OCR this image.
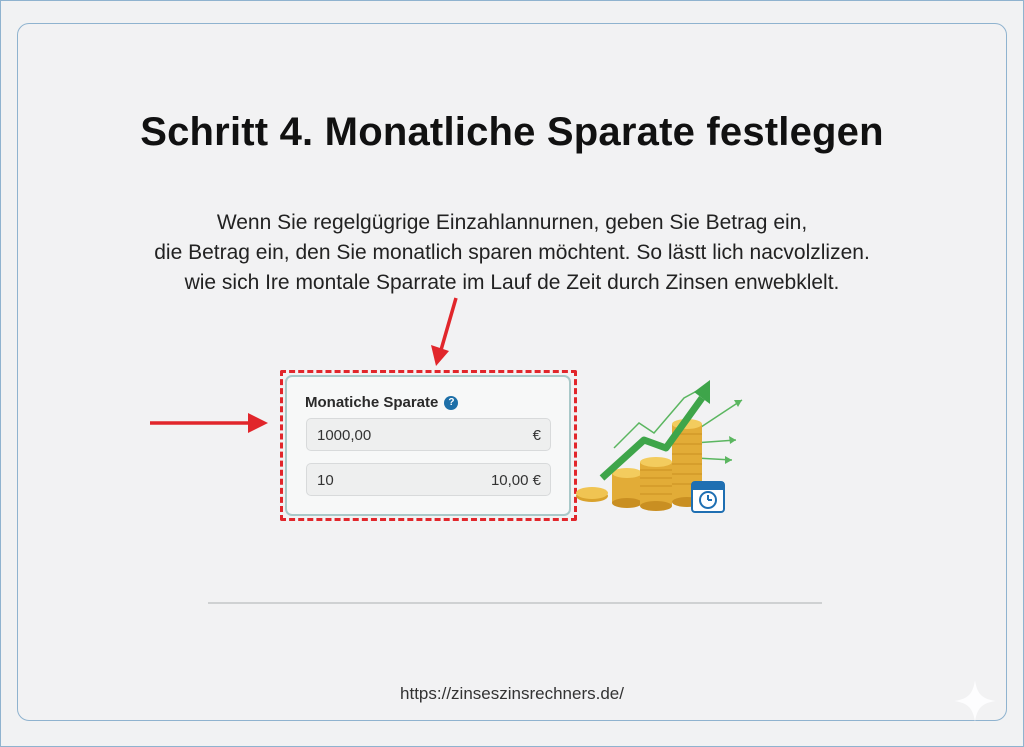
Schritt 4. Monatliche Sparate festlegen
Wenn Sie regelgügrige Einzahlannurnen, geben Sie Betrag ein,
die Betrag ein, den Sie monatlich sparen möchtent. So lästt lich nacvolzlizen.
wie sich Ire montale Sparrate im Lauf de Zeit durch Zinsen enwebklelt.
Monatiche Sparate ?
1000,00	€
10	10,00 €
https://zinseszinsrechners.de/
